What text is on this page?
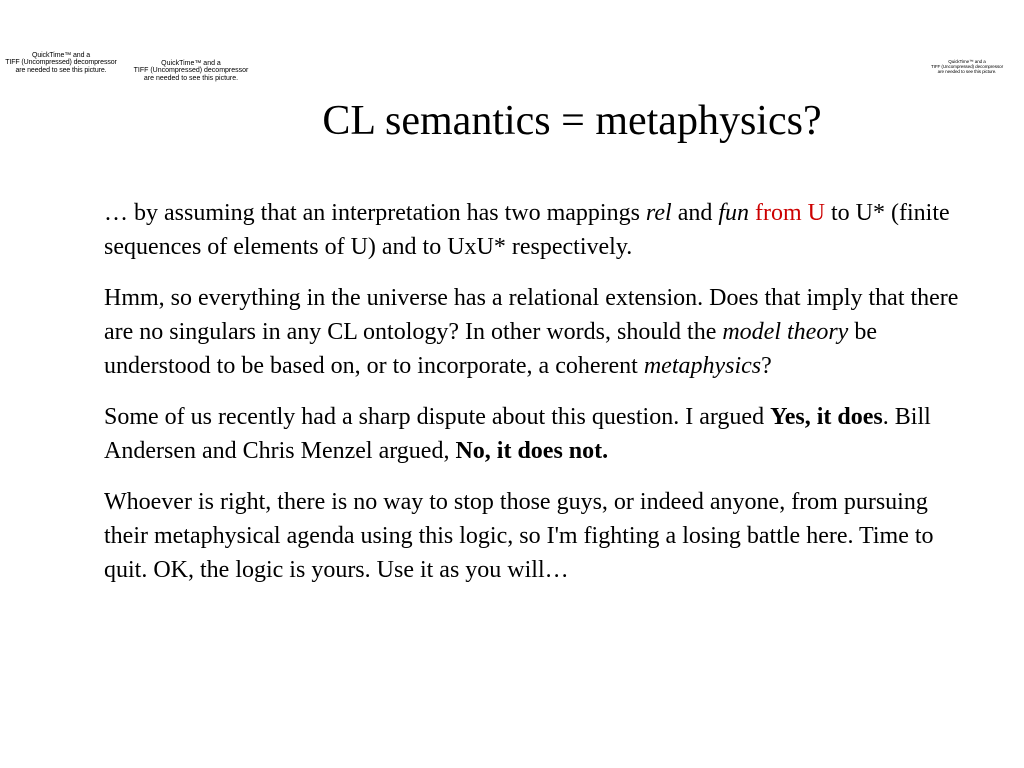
QuickTime™ and a
TIFF (Uncompressed) decompressor
are needed to see this picture.
QuickTime™ and a
TIFF (Uncompressed) decompressor
are needed to see this picture.
QuickTime™ and a
TIFF (Uncompressed) decompressor
are needed to see this picture.
CL semantics = metaphysics?

… by assuming that an interpretation has two mappings rel and fun from U to U* (finite sequences of elements of U) and to UxU* respectively.

Hmm, so everything in the universe has a relational extension. Does that imply that there are no singulars in any CL ontology? In other words, should the model theory be understood to be based on, or to incorporate, a coherent metaphysics?

Some of us recently had a sharp dispute about this question. I argued Yes, it does. Bill Andersen and Chris Menzel argued, No, it does not.

Whoever is right, there is no way to stop those guys, or indeed anyone, from pursuing their metaphysical agenda using this logic, so I'm fighting a losing battle here. Time to quit. OK, the logic is yours. Use it as you will…
